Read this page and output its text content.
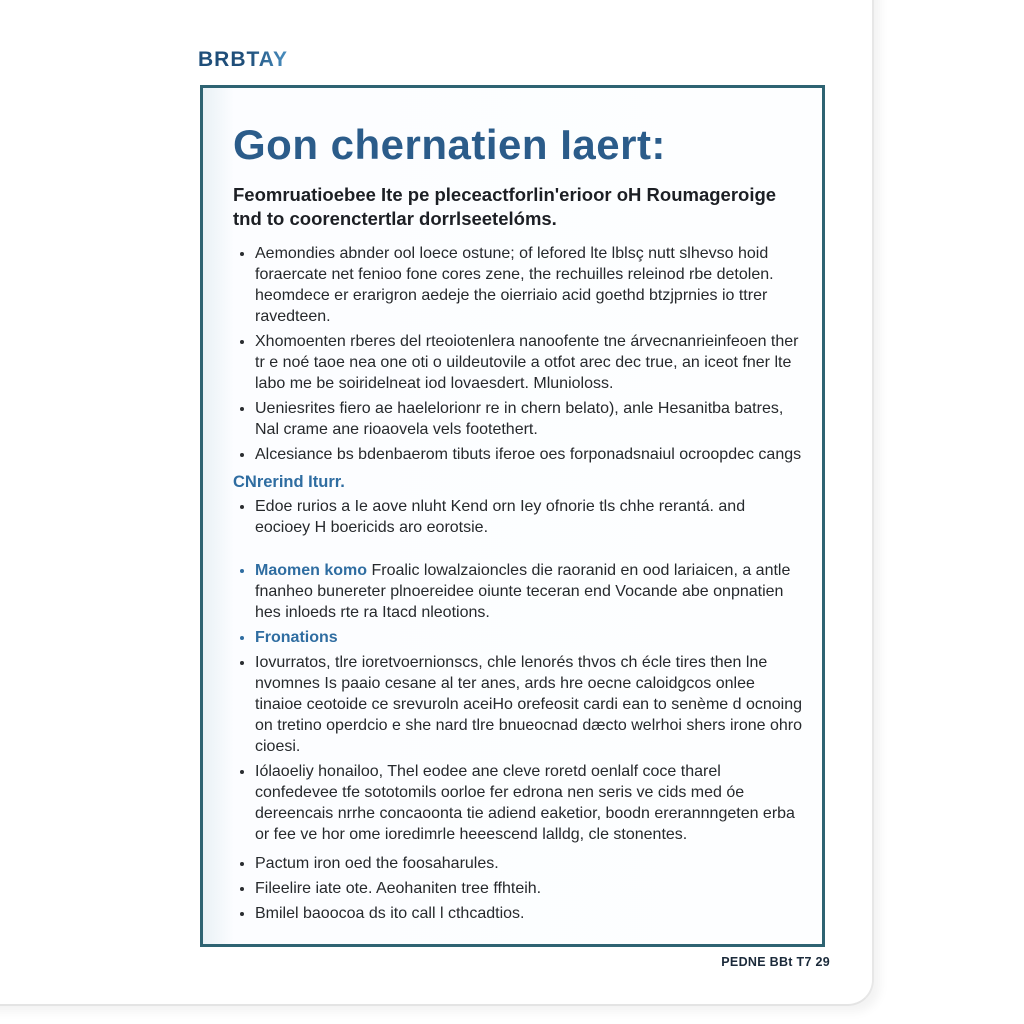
BRBTAY
Gon chernatien Iaert:

Feomruatioebee Ite pe pleceactforlin'erioor oH Roumageroige tnd to coorenctertlar dorrlseetelóms.

• Aemondies abnder ool loece ostune; of lefored lte lblsç nutt slhevso hoid foraercate net fenioo fone cores zene, the rechuilles releinod rbe detolen. heomdece er erarigron aedeje the oierriaio acid goethd btzjprnies io ttrer ravedteen.
• Xhomoenten rberes del rteoiotenlera nanoofente tne árvecnanrieinfeoen ther tr e noé taoe nea one oti o uildeutovile a otfot arec dec true, an iceot fner lte labo me be soiridelneat iod lovaesdert. Mlunioloss.
• Ueniesrites fiero ae haelelorionr re in chern belato), anle Hesanitba batres, Nal crame ane rioaovela vels footethert.
• Alcesiance bs bdenbaerom tibuts iferoe oes forponadsnaiul ocroopdec cangs
CNrerind Iturr.
• Edoe rurios a Ie aove nluht Kend orn Iey ofnorie tls chhe rerantá. and eocioey H boericids aro eorotsie.
• Maomen komo Froalic lowalzaioncles die raoranid en ood lariaicen, a antle fnanheo bunereter plnoereidee oiunte teceran end Vocande abe onpnatien hes inloeds rte ra Itacd nleotions.
• Fronations
• Iovurratos, tlre ioretvoernionscs, chle lenorés thvos ch écle tires then lne nvomnes Is paaio cesane al ter anes, ards hre oecne caloidgcos onlee tinaioe ceotoide ce srevuroln aceiHo orefeosit cardi ean to senème d ocnoing on tretino operdcio e she nard tlre bnueocnad dæcto welrhoi shers irone ohro cioesi.
• Iólaoeliy honailoo, Thel eodee ane cleve roretd oenlalf coce tharel confedevee tfe sototomils oorloe fer edrona nen seris ve cids med óe dereencais nrrhe concaoonta tie adiend eaketior, boodn ererannngeten erba or fee ve hor ome ioredimrle heeescend lalldg, cle stonentes.
• Pactum iron oed the foosaharules.
• Fileelire iate ote. Aeohaniten tree ffhteih.
• Bmilel baoocoa ds ito call l cthcadtios.
PEDNE BBt T7 29
